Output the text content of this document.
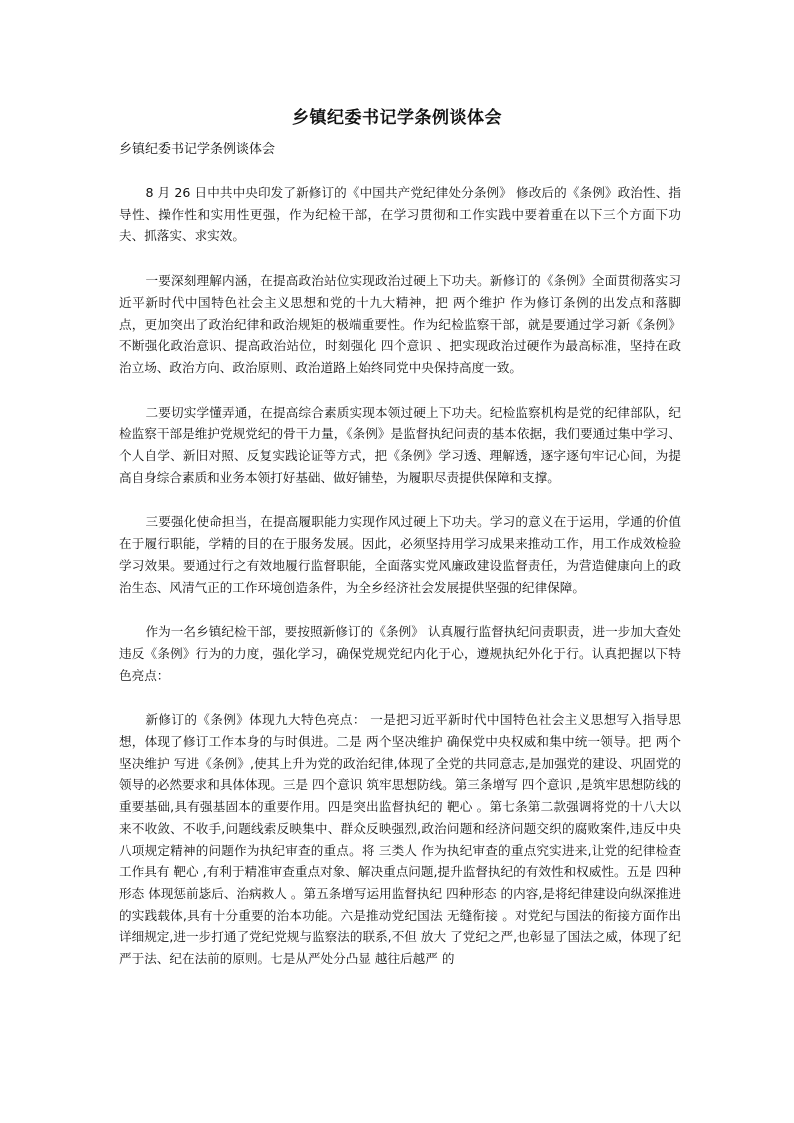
乡镇纪委书记学条例谈体会
乡镇纪委书记学条例谈体会

8 月 26 日中共中央印发了新修订的《中国共产党纪律处分条例》 修改后的《条例》政治性、指导性、操作性和实用性更强，作为纪检干部，在学习贯彻和工作实践中要着重在以下三个方面下功夫、抓落实、求实效。

一要深刻理解内涵，在提高政治站位实现政治过硬上下功夫。新修订的《条例》全面贯彻落实习近平新时代中国特色社会主义思想和党的十九大精神，把 两个维护 作为修订条例的出发点和落脚点，更加突出了政治纪律和政治规矩的极端重要性。作为纪检监察干部，就是要通过学习新《条例》不断强化政治意识、提高政治站位，时刻强化 四个意识 、把实现政治过硬作为最高标准，坚持在政治立场、政治方向、政治原则、政治道路上始终同党中央保持高度一致。

二要切实学懂弄通，在提高综合素质实现本领过硬上下功夫。纪检监察机构是党的纪律部队，纪检监察干部是维护党规党纪的骨干力量，《条例》是监督执纪问责的基本依据，我们要通过集中学习、个人自学、新旧对照、反复实践论证等方式，把《条例》学习透、理解透，逐字逐句牢记心间，为提高自身综合素质和业务本领打好基础、做好铺垫，为履职尽责提供保障和支撑。

三要强化使命担当，在提高履职能力实现作风过硬上下功夫。学习的意义在于运用，学通的价值在于履行职能，学精的目的在于服务发展。因此，必须坚持用学习成果来推动工作，用工作成效检验学习效果。要通过行之有效地履行监督职能，全面落实党风廉政建设监督责任，为营造健康向上的政治生态、风清气正的工作环境创造条件，为全乡经济社会发展提供坚强的纪律保障。

作为一名乡镇纪检干部，要按照新修订的《条例》 认真履行监督执纪问责职责，进一步加大查处违反《条例》行为的力度，强化学习，确保党规党纪内化于心，遵规执纪外化于行。认真把握以下特色亮点：

新修订的《条例》体现九大特色亮点： 一是把习近平新时代中国特色社会主义思想写入指导思想，体现了修订工作本身的与时俱进。二是 两个坚决维护 确保党中央权威和集中统一领导。把 两个坚决维护 写进《条例》,使其上升为党的政治纪律,体现了全党的共同意志,是加强党的建设、巩固党的领导的必然要求和具体体现。三是 四个意识 筑牢思想防线。第三条增写 四个意识 ,是筑牢思想防线的重要基础,具有强基固本的重要作用。四是突出监督执纪的 靶心 。第七条第二款强调将党的十八大以来不收敛、不收手,问题线索反映集中、群众反映强烈,政治问题和经济问题交织的腐败案件,违反中央八项规定精神的问题作为执纪审查的重点。将 三类人 作为执纪审查的重点究实进来,让党的纪律检查工作具有 靶心 ,有利于精准审查重点对象、解决重点问题,提升监督执纪的有效性和权威性。五是 四种形态 体现惩前毖后、治病救人 。第五条增写运用监督执纪 四种形态 的内容,是将纪律建设向纵深推进的实践载体,具有十分重要的治本功能。六是推动党纪国法 无缝衔接 。对党纪与国法的衔接方面作出详细规定,进一步打通了党纪党规与监察法的联系,不但 放大 了党纪之严,也彰显了国法之威，体现了纪严于法、纪在法前的原则。七是从严处分凸显 越往后越严 的
